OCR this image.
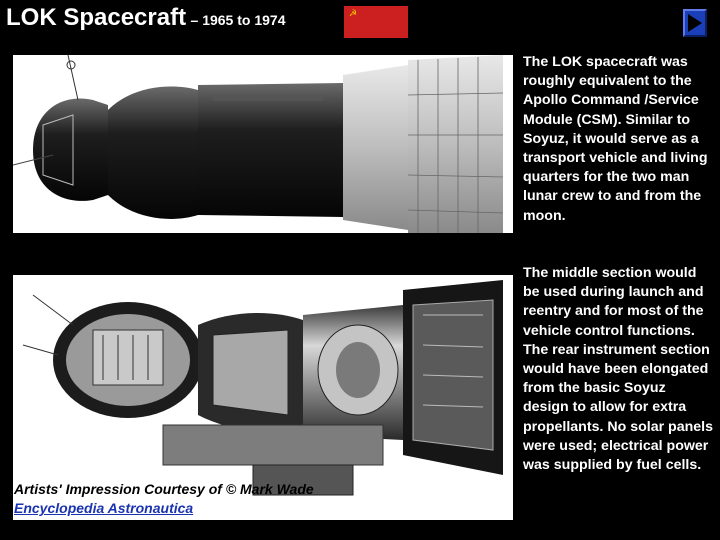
LOK Spacecraft – 1965 to 1974	☭
Artists' Impression Courtesy of © Mark Wade
Encyclopedia Astronautica
The LOK spacecraft was roughly equivalent to the Apollo Command /Service Module (CSM). Similar to Soyuz, it would serve as a transport vehicle and living quarters for the two man lunar crew to and from the moon.
The middle section would be used during launch and reentry and for most of the vehicle control functions. The rear instrument section would have been elongated from the basic Soyuz design to allow for extra propellants. No solar panels were used; electrical power was supplied by fuel cells.
